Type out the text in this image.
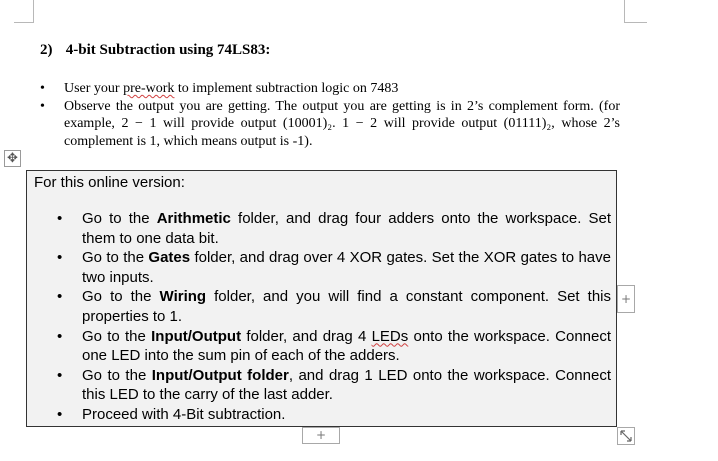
2) 4-bit Subtraction using 74LS83:
• User your pre-work to implement subtraction logic on 7483
• Observe the output you are getting. The output you are getting is in 2’s complement form. (for example, 2 − 1 will provide output (10001)₂. 1 − 2 will provide output (01111)₂, whose 2’s complement is 1, which means output is -1).
✥
For this online version:
• Go to the Arithmetic folder, and drag four adders onto the workspace. Set them to one data bit.
• Go to the Gates folder, and drag over 4 XOR gates. Set the XOR gates to have two inputs.
• Go to the Wiring folder, and you will find a constant component. Set this properties to 1.
• Go to the Input/Output folder, and drag 4 LEDs onto the workspace. Connect one LED into the sum pin of each of the adders.
• Go to the Input/Output folder, and drag 1 LED onto the workspace. Connect this LED to the carry of the last adder.
• Proceed with 4-Bit subtraction.
+
+
